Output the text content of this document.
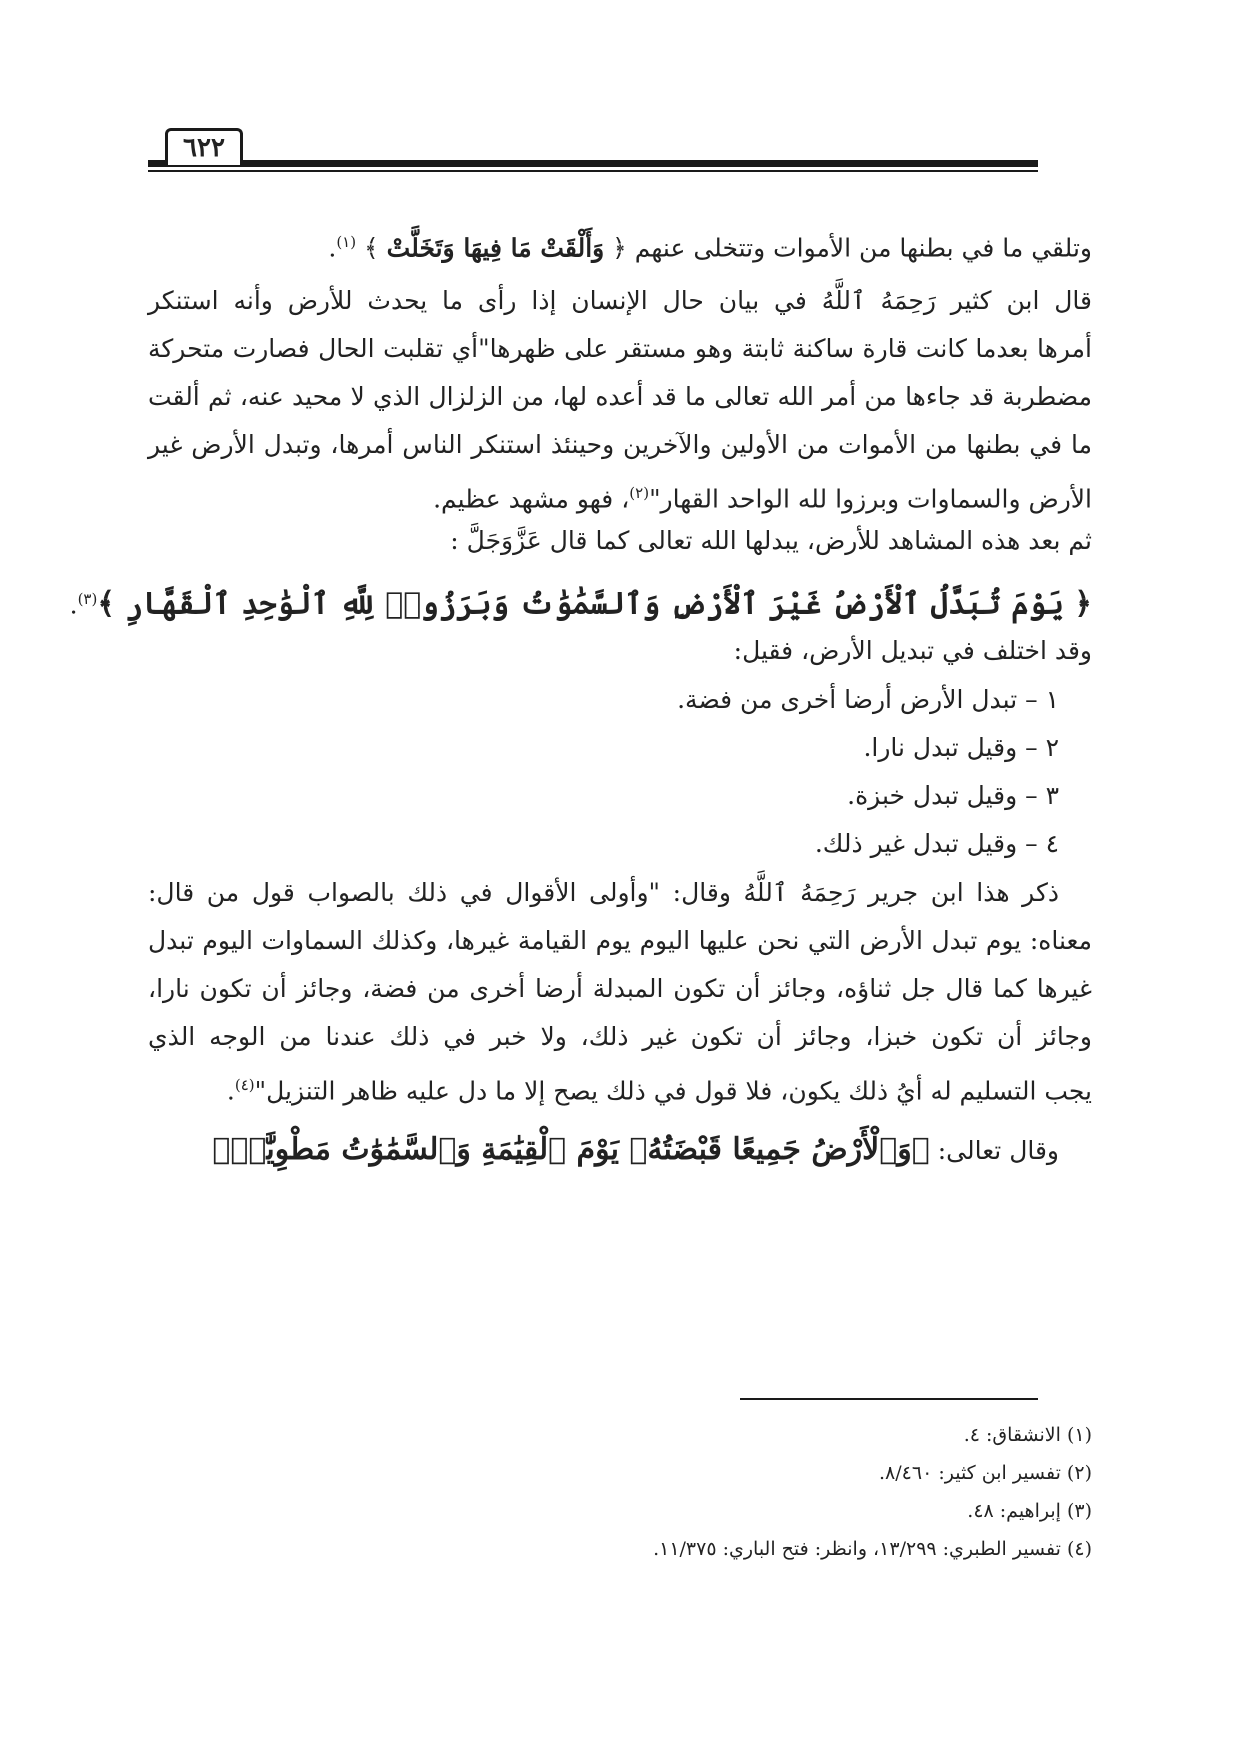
٦٢٢
وتلقي ما في بطنها من الأموات وتتخلى عنهم ﴿ وَأَلْقَتْ مَا فِيهَا وَتَخَلَّتْ ﴾ $^{(١)}$.
قال ابن كثير رَحِمَهُ ٱللَّهُ في بيان حال الإنسان إذا رأى ما يحدث للأرض وأنه استنكر
أمرها بعدما كانت قارة ساكنة ثابتة وهو مستقر على ظهرها"أي تقلبت الحال فصارت متحركة
مضطربة قد جاءها من أمر الله تعالى ما قد أعده لها، من الزلزال الذي لا محيد عنه، ثم ألقت
ما في بطنها من الأموات من الأولين والآخرين وحينئذ استنكر الناس أمرها، وتبدل الأرض غير
الأرض والسماوات وبرزوا لله الواحد القهار"$^{(٢)}$، فهو مشهد عظيم.
ثم بعد هذه المشاهد للأرض، يبدلها الله تعالى كما قال عَزَّوَجَلَّ :
﴿ يَوْمَ تُبَدَّلُ ٱلْأَرْضُ غَيْرَ ٱلْأَرْضِ وَٱلسَّمَٰوَٰتُ وَبَرَزُوا۟ لِلَّهِ ٱلْوَٰحِدِ ٱلْقَهَّارِ ﴾$^{(٣)}$.
وقد اختلف في تبديل الأرض، فقيل:
١ – تبدل الأرض أرضا أخرى من فضة.
٢ – وقيل تبدل نارا.
٣ – وقيل تبدل خبزة.
٤ – وقيل تبدل غير ذلك.
ذكر هذا ابن جرير رَحِمَهُ ٱللَّهُ وقال: "وأولى الأقوال في ذلك بالصواب قول من قال:
معناه: يوم تبدل الأرض التي نحن عليها اليوم يوم القيامة غيرها، وكذلك السماوات اليوم تبدل
غيرها كما قال جل ثناؤه، وجائز أن تكون المبدلة أرضا أخرى من فضة، وجائز أن تكون نارا،
وجائز أن تكون خبزا، وجائز أن تكون غير ذلك، ولا خبر في ذلك عندنا من الوجه الذي
يجب التسليم له أيُ ذلك يكون، فلا قول في ذلك يصح إلا ما دل عليه ظاهر التنزيل"$^{(٤)}$.
وقال تعالى: ﴿وَٱلْأَرْضُ جَمِيعًا قَبْضَتُهُۥ يَوْمَ ٱلْقِيَٰمَةِ وَٱلسَّمَٰوَٰتُ مَطْوِيَّٰتٌۢ
(١) الانشقاق: ٤.
(٢) تفسير ابن كثير: ٨/٤٦٠.
(٣) إبراهيم: ٤٨.
(٤) تفسير الطبري: ١٣/٢٩٩، وانظر: فتح الباري: ١١/٣٧٥.
